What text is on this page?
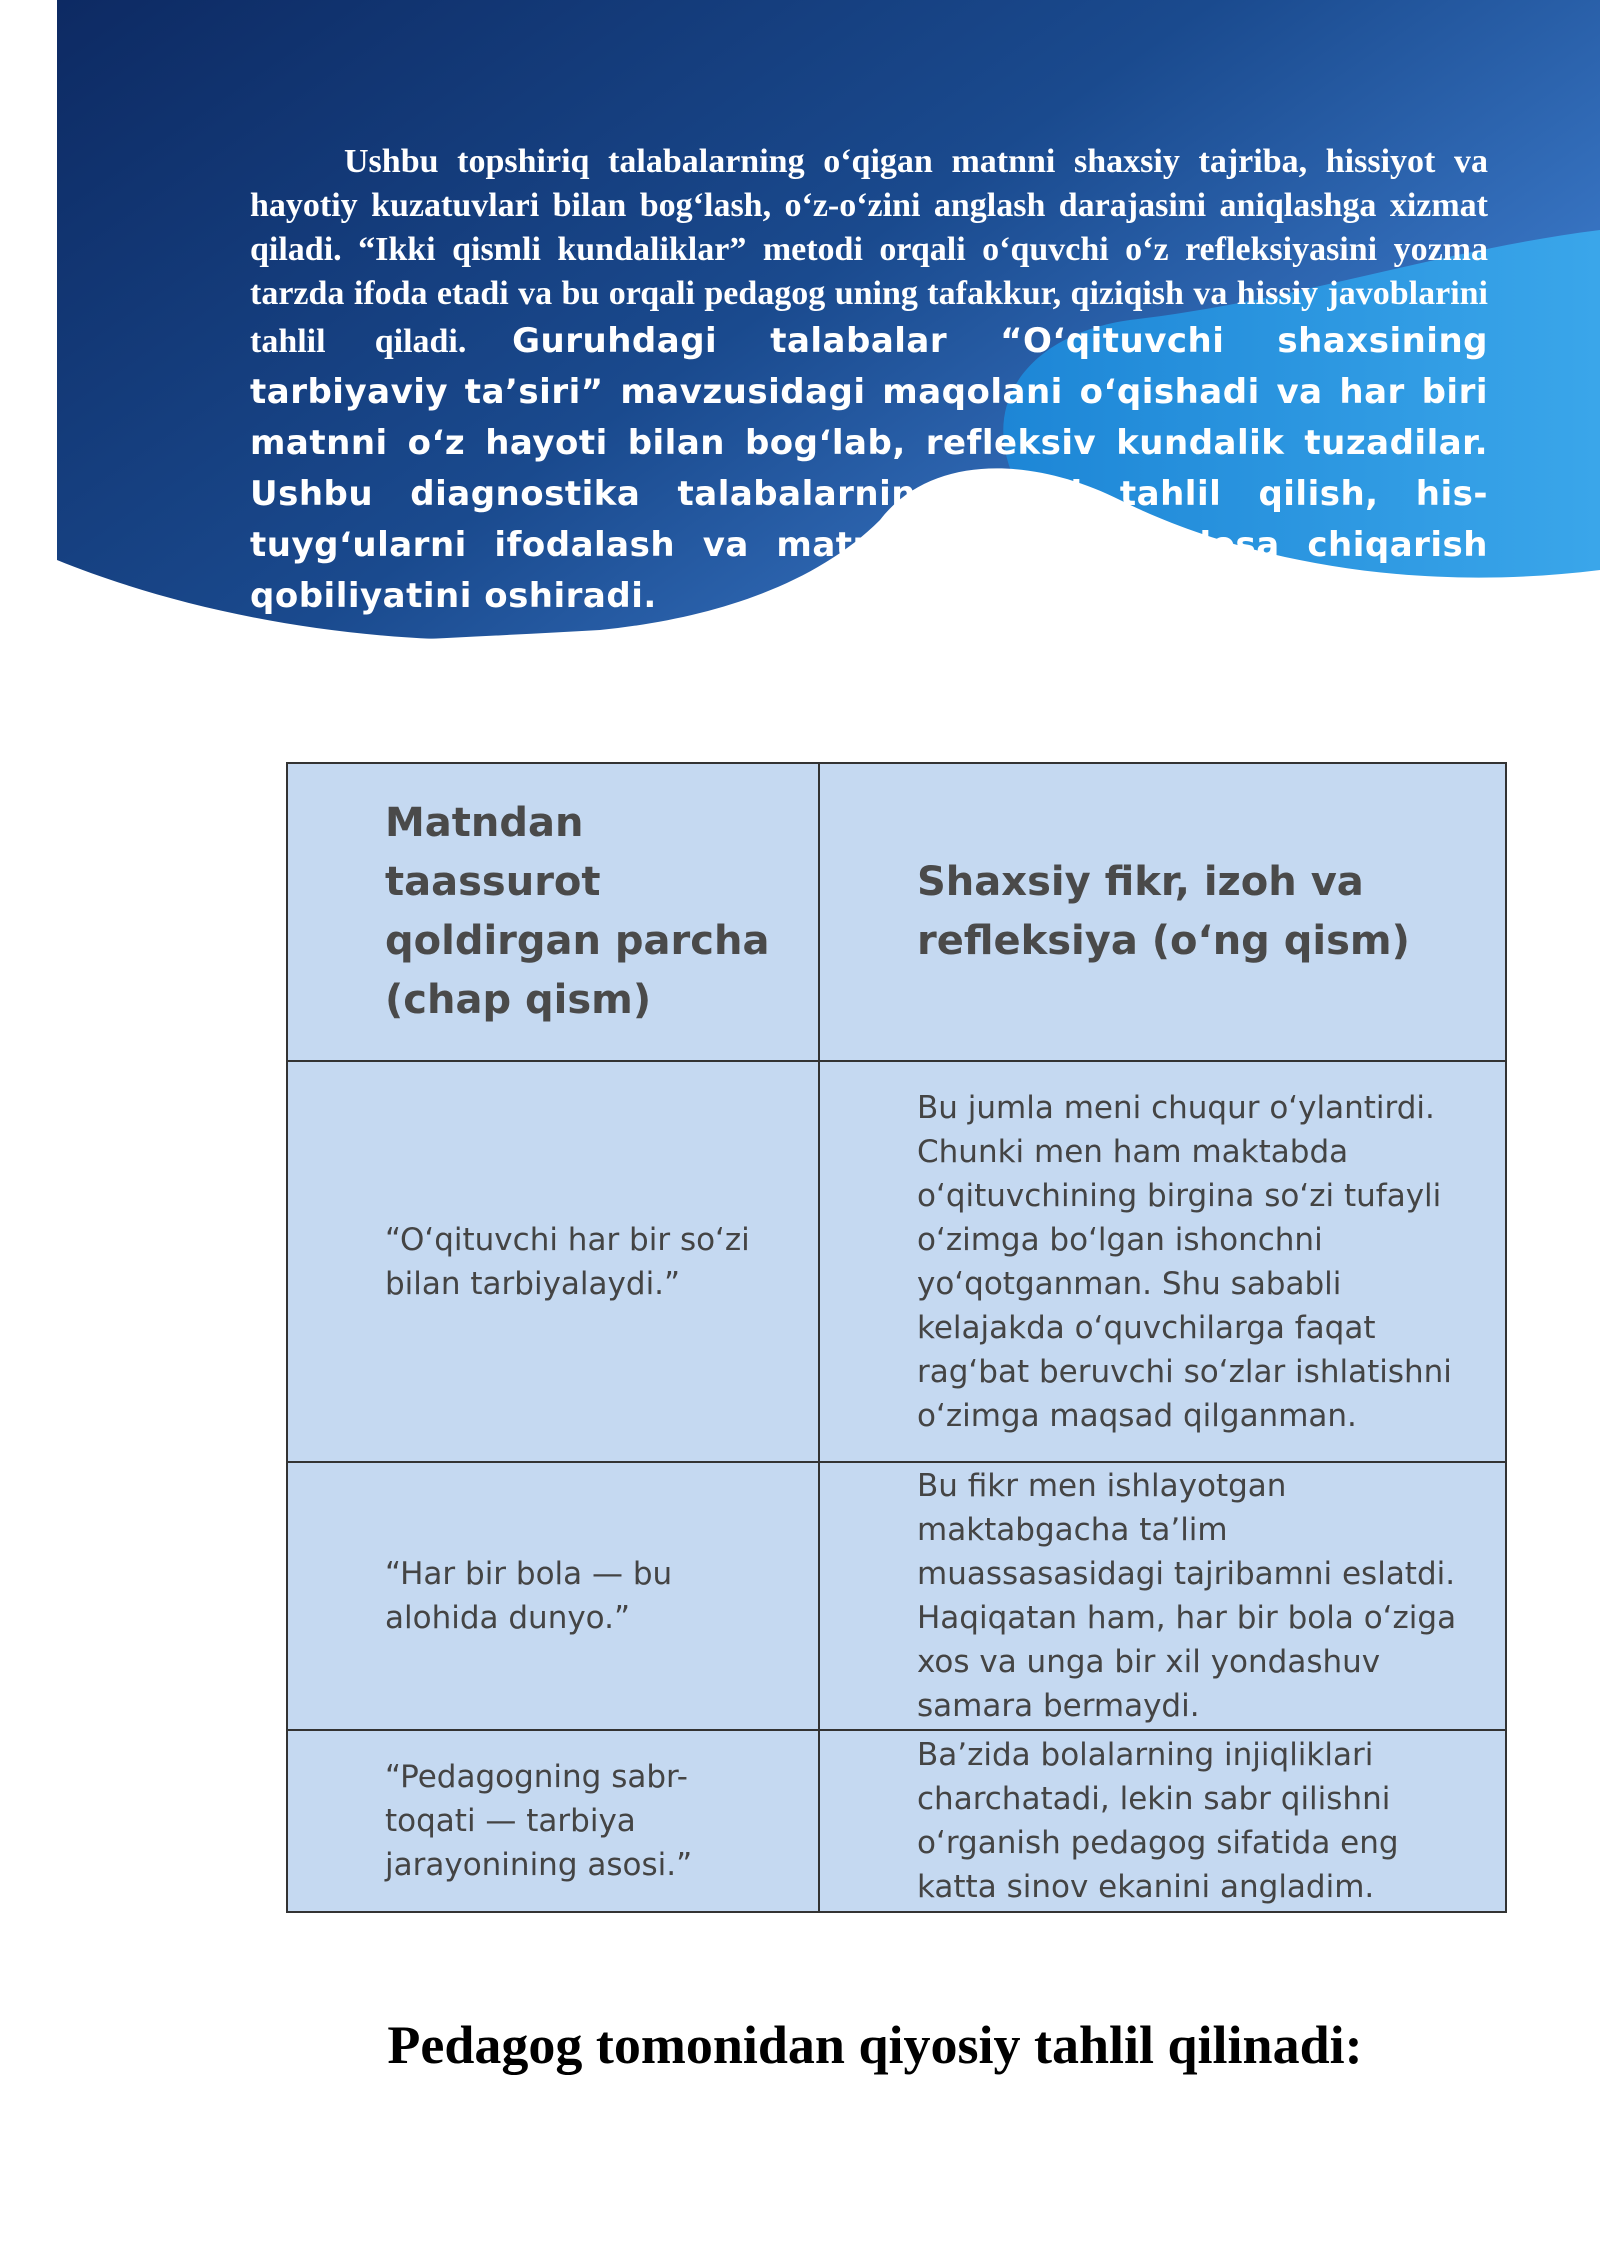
Ushbu topshiriq talabalarning o‘qigan matnni shaxsiy tajriba, hissiyot va hayotiy kuzatuvlari bilan bog‘lash, o‘z-o‘zini anglash darajasini aniqlashga xizmat qiladi. “Ikki qismli kundaliklar” metodi orqali o‘quvchi o‘z refleksiyasini yozma tarzda ifoda etadi va bu orqali pedagog uning tafakkur, qiziqish va hissiy javoblarini tahlil qiladi. Guruhdagi talabalar “O‘qituvchi shaxsining tarbiyaviy ta’siri” mavzusidagi maqolani o‘qishadi va har biri matnni o‘z hayoti bilan bog‘lab, refleksiv kundalik tuzadilar. Ushbu diagnostika talabalarning fikrni tahlil qilish, his-tuyg‘ularni ifodalash va matndan shaxsiy xulosa chiqarish qobiliyatini oshiradi.

Matndan taassurot qoldirgan parcha (chap qism)	Shaxsiy fikr, izoh va refleksiya (o‘ng qism)
“O‘qituvchi har bir so‘zi bilan tarbiyalaydi.”	Bu jumla meni chuqur o‘ylantirdi. Chunki men ham maktabda o‘qituvchining birgina so‘zi tufayli o‘zimga bo‘lgan ishonchni yo‘qotganman. Shu sababli kelajakda o‘quvchilarga faqat rag‘bat beruvchi so‘zlar ishlatishni o‘zimga maqsad qilganman.
“Har bir bola — bu alohida dunyo.”	Bu fikr men ishlayotgan maktabgacha ta’lim muassasasidagi tajribamni eslatdi. Haqiqatan ham, har bir bola o‘ziga xos va unga bir xil yondashuv samara bermaydi.
“Pedagogning sabr-toqati — tarbiya jarayonining asosi.”	Ba’zida bolalarning injiqliklari charchatadi, lekin sabr qilishni o‘rganish pedagog sifatida eng katta sinov ekanini angladim.
Pedagog tomonidan qiyosiy tahlil qilinadi:
